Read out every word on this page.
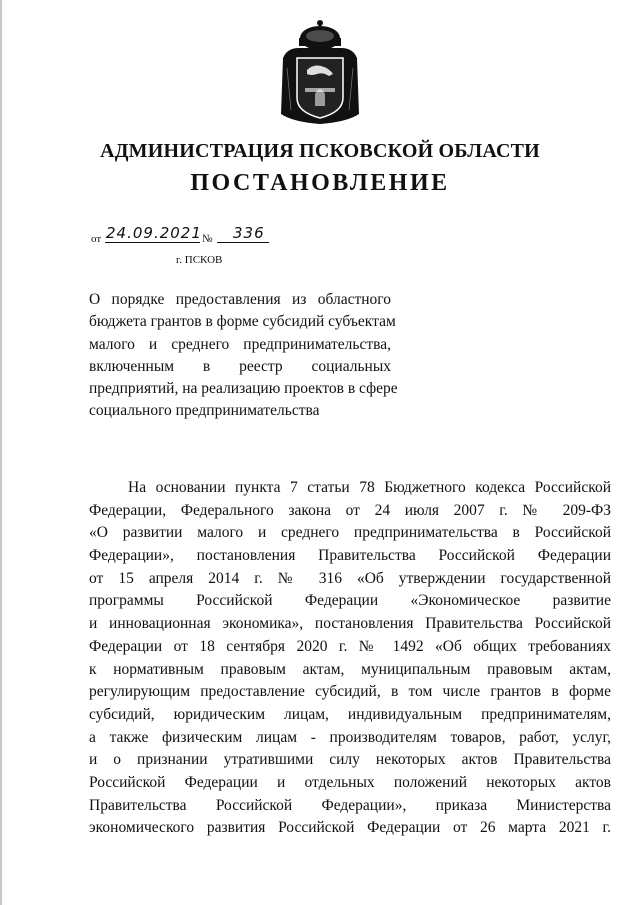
АДМИНИСТРАЦИЯ ПСКОВСКОЙ ОБЛАСТИ
ПОСТАНОВЛЕНИЕ
от 24.09.2021 № 336
г. ПСКОВ
О порядке предоставления из областного
бюджета грантов в форме субсидий субъектам
малого и среднего предпринимательства,
включенным в реестр социальных
предприятий, на реализацию проектов в сфере
социального предпринимательства
На основании пункта 7 статьи 78 Бюджетного кодекса Российской
Федерации, Федерального закона от 24 июля 2007 г. № 209-ФЗ
«О развитии малого и среднего предпринимательства в Российской
Федерации», постановления Правительства Российской Федерации
от 15 апреля 2014 г. № 316 «Об утверждении государственной
программы Российской Федерации «Экономическое развитие
и инновационная экономика», постановления Правительства Российской
Федерации от 18 сентября 2020 г. № 1492 «Об общих требованиях
к нормативным правовым актам, муниципальным правовым актам,
регулирующим предоставление субсидий, в том числе грантов в форме
субсидий, юридическим лицам, индивидуальным предпринимателям,
а также физическим лицам - производителям товаров, работ, услуг,
и о признании утратившими силу некоторых актов Правительства
Российской Федерации и отдельных положений некоторых актов
Правительства Российской Федерации», приказа Министерства
экономического развития Российской Федерации от 26 марта 2021 г.
